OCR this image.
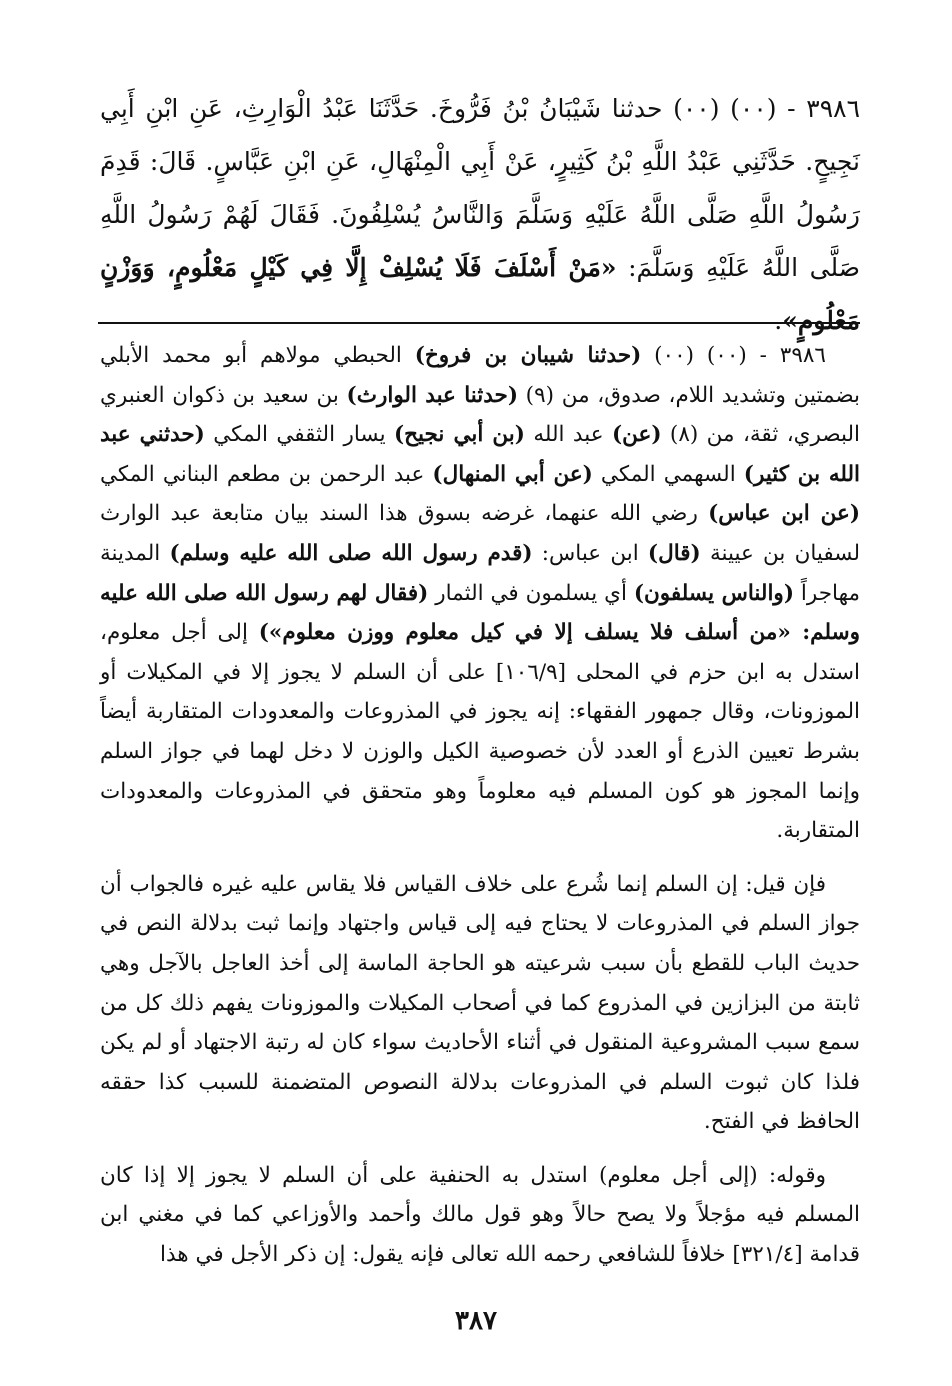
٣٩٨٦ - (٠٠) (٠٠) حدثنا شَيْبَانُ بْنُ فَرُّوخَ. حَدَّثَنَا عَبْدُ الْوَارِثِ، عَنِ ابْنِ أَبِي نَجِيحٍ. حَدَّثَنِي عَبْدُ اللَّهِ بْنُ كَثِيرٍ، عَنْ أَبِي الْمِنْهَالِ، عَنِ ابْنِ عَبَّاسٍ. قَالَ: قَدِمَ رَسُولُ اللَّهِ صَلَّى اللَّهُ عَلَيْهِ وَسَلَّمَ وَالنَّاسُ يُسْلِفُونَ. فَقَالَ لَهُمْ رَسُولُ اللَّهِ صَلَّى اللَّهُ عَلَيْهِ وَسَلَّمَ: «مَنْ أَسْلَفَ فَلَا يُسْلِفْ إِلَّا فِي كَيْلٍ مَعْلُومٍ، وَوَزْنٍ مَعْلُومٍ».

٣٩٨٦ - (٠٠) (٠٠) (حدثنا شيبان بن فروخ) الحبطي مولاهم أبو محمد الأبلي بضمتين وتشديد اللام، صدوق، من (٩) (حدثنا عبد الوارث) بن سعيد بن ذكوان العنبري البصري، ثقة، من (٨) (عن) عبد الله (بن أبي نجيح) يسار الثقفي المكي (حدثني عبد الله بن كثير) السهمي المكي (عن أبي المنهال) عبد الرحمن بن مطعم البناني المكي (عن ابن عباس) رضي الله عنهما، غرضه بسوق هذا السند بيان متابعة عبد الوارث لسفيان بن عيينة (قال) ابن عباس: (قدم رسول الله صلى الله عليه وسلم) المدينة مهاجراً (والناس يسلفون) أي يسلمون في الثمار (فقال لهم رسول الله صلى الله عليه وسلم: «من أسلف فلا يسلف إلا في كيل معلوم ووزن معلوم») إلى أجل معلوم، استدل به ابن حزم في المحلى [١٠٦/٩] على أن السلم لا يجوز إلا في المكيلات أو الموزونات، وقال جمهور الفقهاء: إنه يجوز في المذروعات والمعدودات المتقاربة أيضاً بشرط تعيين الذرع أو العدد لأن خصوصية الكيل والوزن لا دخل لهما في جواز السلم وإنما المجوز هو كون المسلم فيه معلوماً وهو متحقق في المذروعات والمعدودات المتقاربة.

فإن قيل: إن السلم إنما شُرع على خلاف القياس فلا يقاس عليه غيره فالجواب أن جواز السلم في المذروعات لا يحتاج فيه إلى قياس واجتهاد وإنما ثبت بدلالة النص في حديث الباب للقطع بأن سبب شرعيته هو الحاجة الماسة إلى أخذ العاجل بالآجل وهي ثابتة من البزازين في المذروع كما في أصحاب المكيلات والموزونات يفهم ذلك كل من سمع سبب المشروعية المنقول في أثناء الأحاديث سواء كان له رتبة الاجتهاد أو لم يكن فلذا كان ثبوت السلم في المذروعات بدلالة النصوص المتضمنة للسبب كذا حققه الحافظ في الفتح.

وقوله: (إلى أجل معلوم) استدل به الحنفية على أن السلم لا يجوز إلا إذا كان المسلم فيه مؤجلاً ولا يصح حالاً وهو قول مالك وأحمد والأوزاعي كما في مغني ابن قدامة [٣٢١/٤] خلافاً للشافعي رحمه الله تعالى فإنه يقول: إن ذكر الأجل في هذا

٣٨٧
